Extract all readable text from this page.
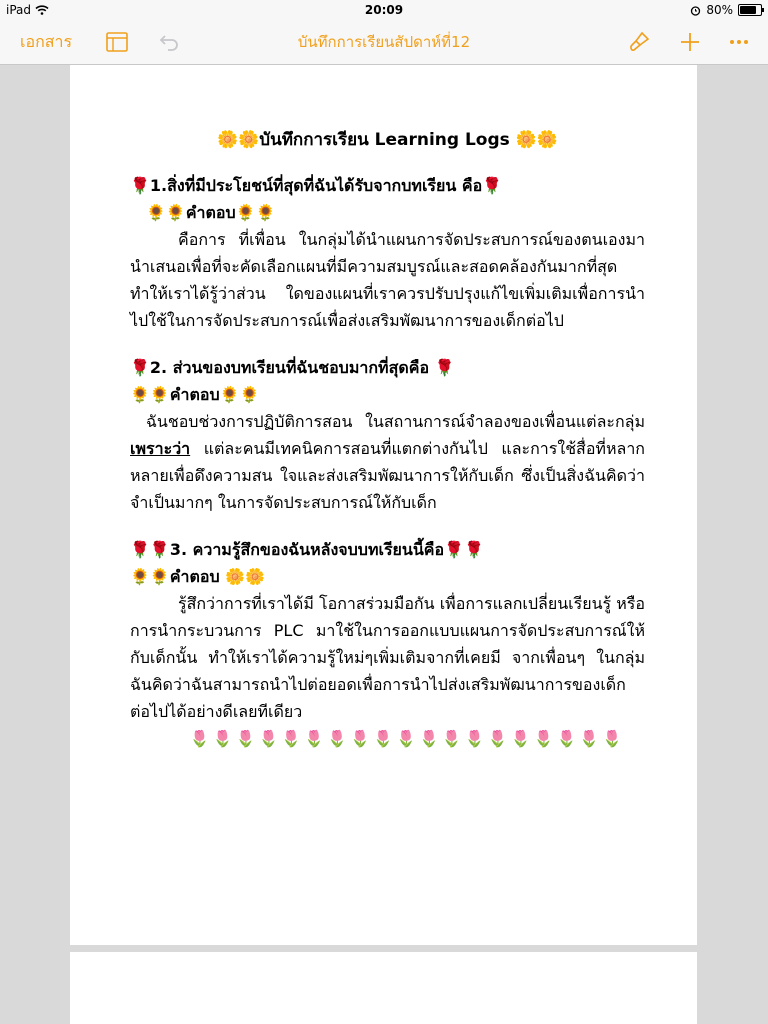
iPad	20:09	80%
บันทึกการเรียนสัปดาห์ที่12
เอกสาร
🌼🌼บันทึกการเรียน Learning Logs 🌼🌼
🌹1.สิ่งที่มีประโยชน์ที่สุดที่ฉันได้รับจากบทเรียน คือ🌹
🌻🌻คำตอบ🌻🌻
คือการ ที่เพื่อน ในกลุ่มได้นำแผนการจัดประสบการณ์ของตนเองมานำเสนอเพื่อที่จะคัดเลือกแผนที่มีความสมบูรณ์และสอดคล้องกันมากที่สุด ทำให้เราได้รู้ว่าส่วน ใดของแผนที่เราควรปรับปรุงแก้ไขเพิ่มเติมเพื่อการนำไปใช้ในการจัดประสบการณ์เพื่อส่งเสริมพัฒนาการของเด็กต่อไป
🌹2. ส่วนของบทเรียนที่ฉันชอบมากที่สุดคือ 🌹
🌻🌻คำตอบ🌻🌻
ฉันชอบช่วงการปฏิบัติการสอน ในสถานการณ์จำลองของเพื่อนแต่ละกลุ่ม เพราะว่า แต่ละคนมีเทคนิคการสอนที่แตกต่างกันไป และการใช้สื่อที่หลากหลายเพื่อดึงความสน ใจและส่งเสริมพัฒนาการให้กับเด็ก ซึ่งเป็นสิ่งฉันคิดว่าจำเป็นมากๆ ในการจัดประสบการณ์ให้กับเด็ก
🌹🌹3. ความรู้สึกของฉันหลังจบบทเรียนนี้คือ🌹🌹
🌻🌻คำตอบ 🌼🌼
รู้สึกว่าการที่เราได้มี โอกาสร่วมมือกัน เพื่อการแลกเปลี่ยนเรียนรู้ หรือการนำกระบวนการ PLC มาใช้ในการออกแบบแผนการจัดประสบการณ์ให้กับเด็กนั้น ทำให้เราได้ความรู้ใหม่ๆเพิ่มเติมจากที่เคยมี จากเพื่อนๆ ในกลุ่ม ฉันคิดว่าฉันสามารถนำไปต่อยอดเพื่อการนำไปส่งเสริมพัฒนาการของเด็กต่อไปได้อย่างดีเลยทีเดียว
🌷🌷🌷🌷🌷🌷🌷🌷🌷🌷🌷🌷🌷🌷🌷🌷🌷🌷🌷
